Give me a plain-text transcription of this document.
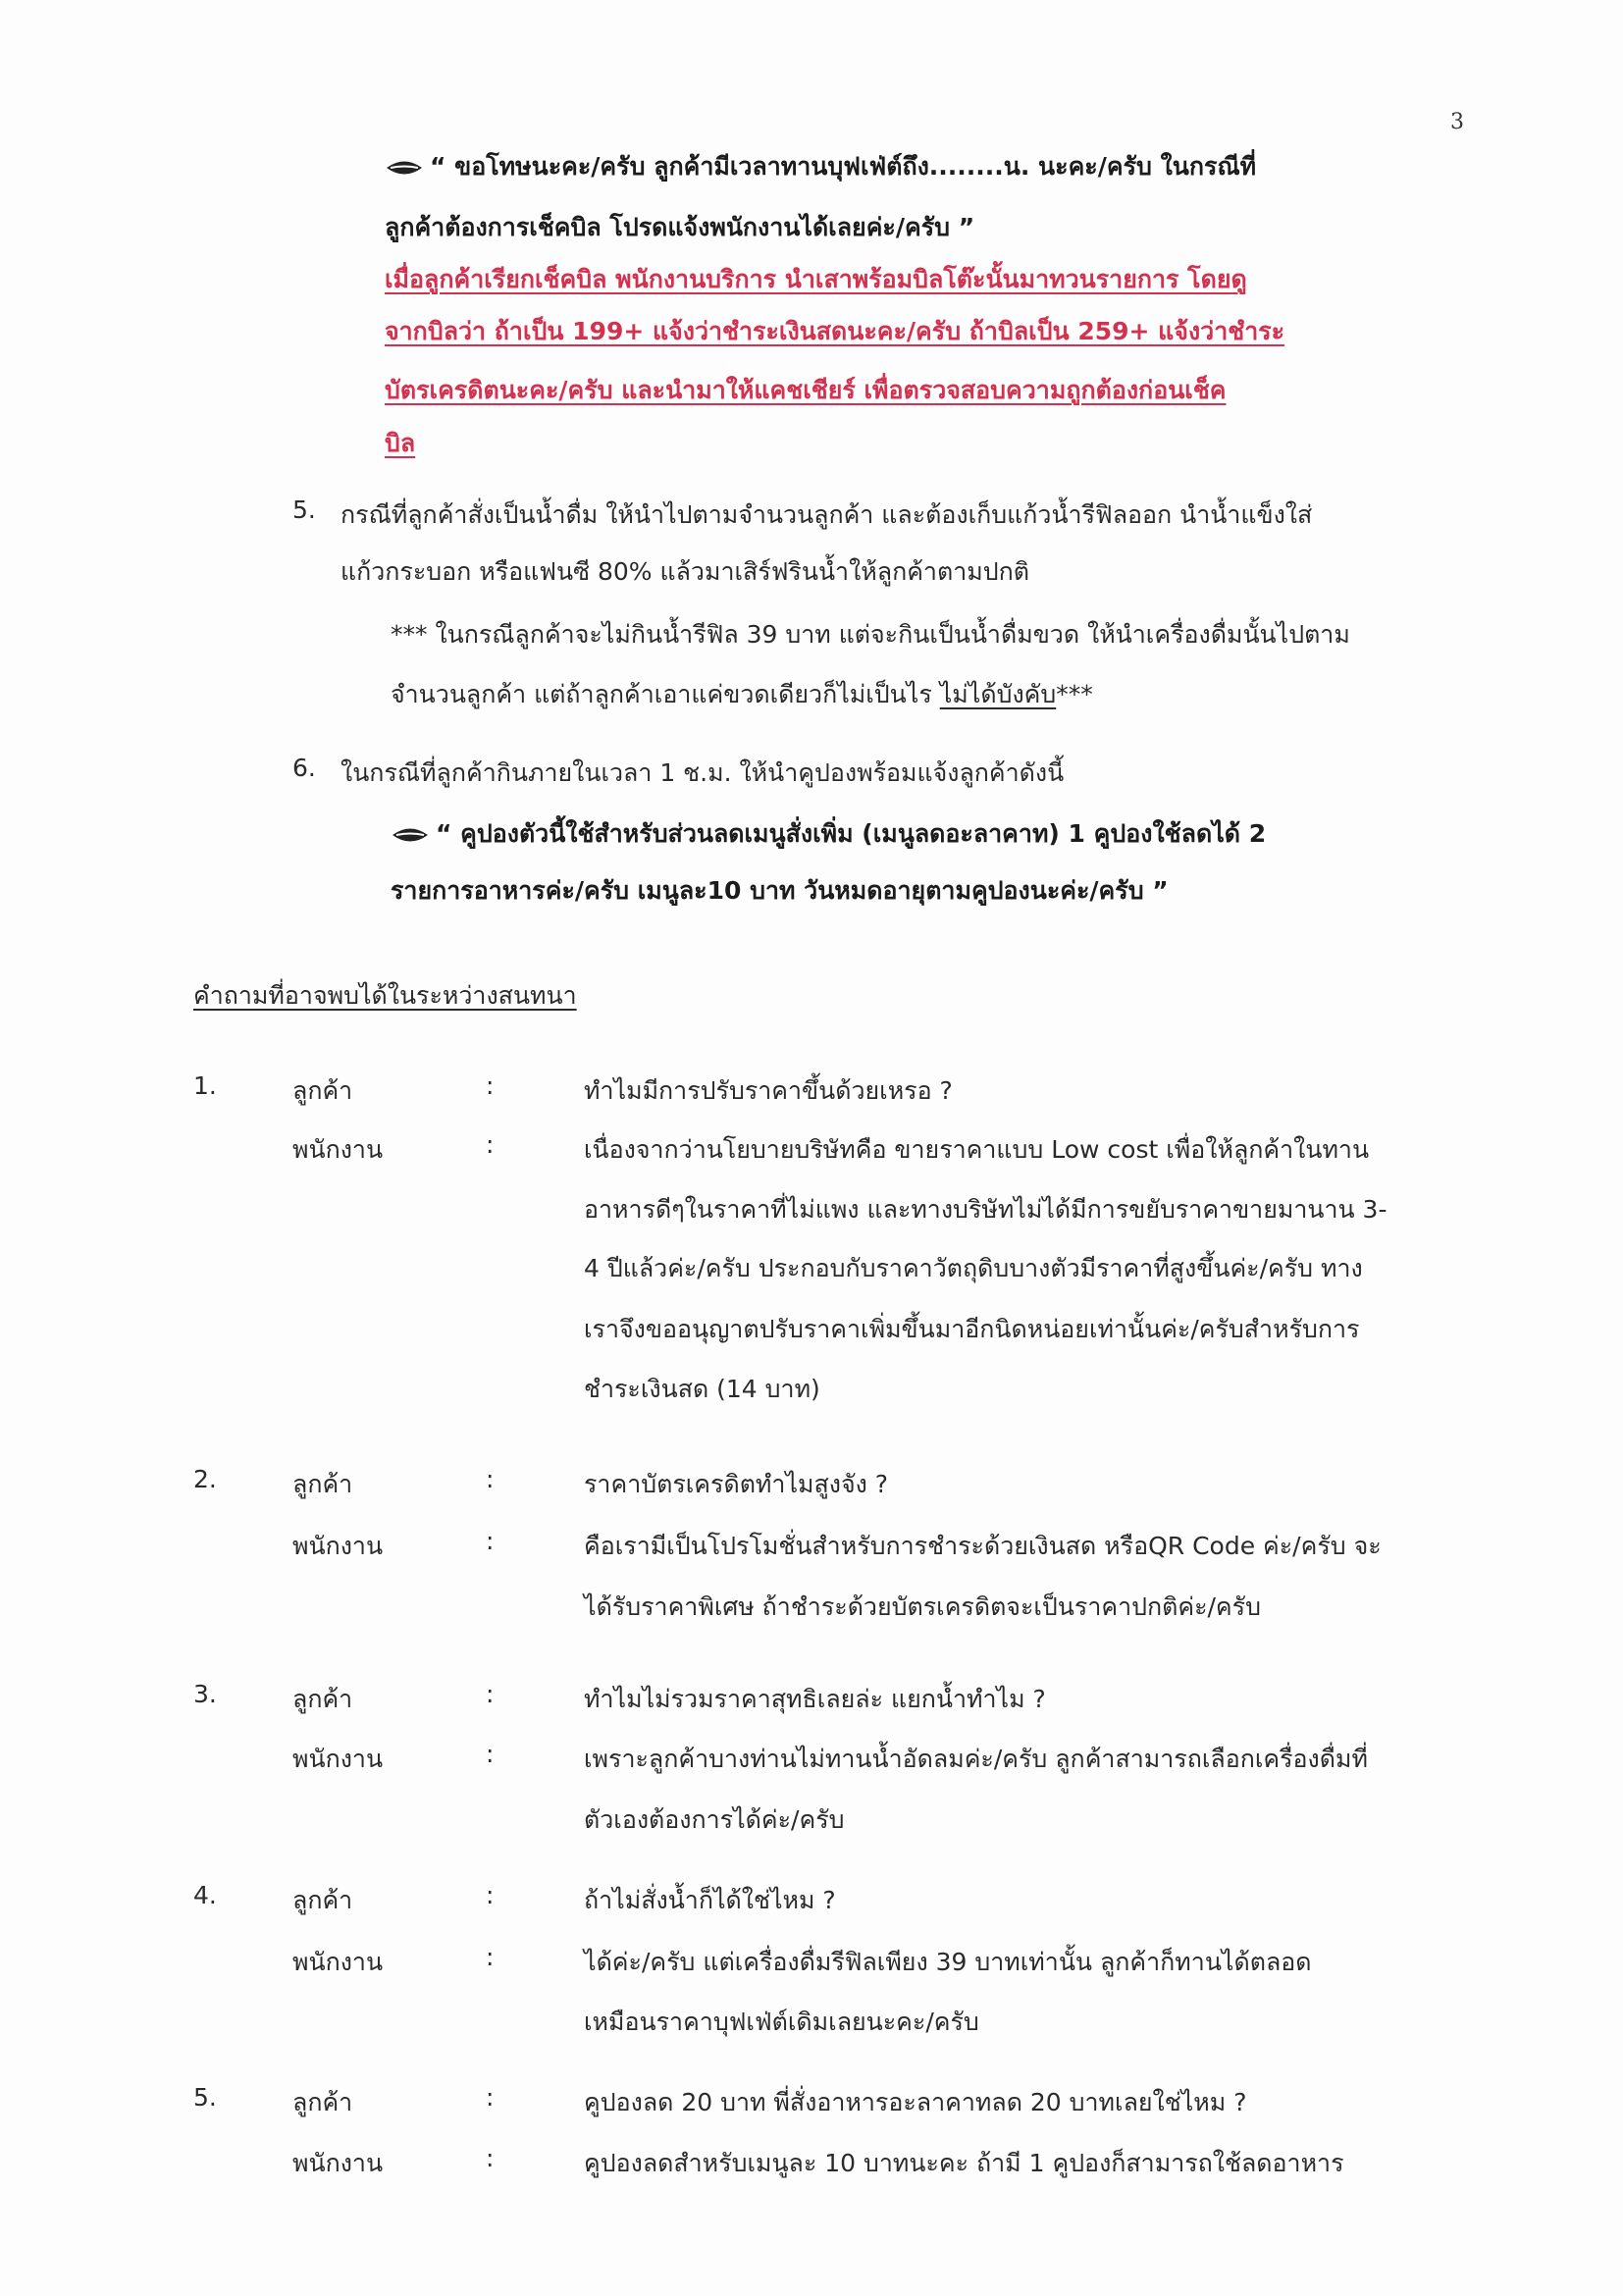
3
“ ขอโทษนะคะ/ครับ ลูกค้ามีเวลาทานบุฟเฟ่ต์ถึง........น. นะคะ/ครับ ในกรณีที่
ลูกค้าต้องการเช็คบิล โปรดแจ้งพนักงานได้เลยค่ะ/ครับ ”
เมื่อลูกค้าเรียกเช็คบิล พนักงานบริการ นำเสาพร้อมบิลโต๊ะนั้นมาทวนรายการ โดยดู
จากบิลว่า ถ้าเป็น 199+ แจ้งว่าชำระเงินสดนะคะ/ครับ ถ้าบิลเป็น 259+ แจ้งว่าชำระ
บัตรเครดิตนะคะ/ครับ และนำมาให้แคชเชียร์ เพื่อตรวจสอบความถูกต้องก่อนเช็ค
บิล
5. กรณีที่ลูกค้าสั่งเป็นน้ำดื่ม ให้นำไปตามจำนวนลูกค้า และต้องเก็บแก้วน้ำรีฟิลออก นำน้ำแข็งใส่
แก้วกระบอก หรือแฟนซี 80% แล้วมาเสิร์ฟรินน้ำให้ลูกค้าตามปกติ
*** ในกรณีลูกค้าจะไม่กินน้ำรีฟิล 39 บาท แต่จะกินเป็นน้ำดื่มขวด ให้นำเครื่องดื่มนั้นไปตาม
จำนวนลูกค้า แต่ถ้าลูกค้าเอาแค่ขวดเดียวก็ไม่เป็นไร ไม่ได้บังคับ***
6. ในกรณีที่ลูกค้ากินภายในเวลา 1 ช.ม. ให้นำคูปองพร้อมแจ้งลูกค้าดังนี้
“ คูปองตัวนี้ใช้สำหรับส่วนลดเมนูสั่งเพิ่ม (เมนูลดอะลาคาท) 1 คูปองใช้ลดได้ 2
รายการอาหารค่ะ/ครับ เมนูละ10 บาท วันหมดอายุตามคูปองนะค่ะ/ครับ ”
คำถามที่อาจพบได้ในระหว่างสนทนา
1.	ลูกค้า	:	ทำไมมีการปรับราคาขึ้นด้วยเหรอ ?
พนักงาน	:	เนื่องจากว่านโยบายบริษัทคือ ขายราคาแบบ Low cost เพื่อให้ลูกค้าในทาน
อาหารดีๆในราคาที่ไม่แพง และทางบริษัทไม่ได้มีการขยับราคาขายมานาน 3-
4 ปีแล้วค่ะ/ครับ ประกอบกับราคาวัตถุดิบบางตัวมีราคาที่สูงขึ้นค่ะ/ครับ ทาง
เราจึงขออนุญาตปรับราคาเพิ่มขึ้นมาอีกนิดหน่อยเท่านั้นค่ะ/ครับสำหรับการ
ชำระเงินสด (14 บาท)
2.	ลูกค้า	:	ราคาบัตรเครดิตทำไมสูงจัง ?
พนักงาน	:	คือเรามีเป็นโปรโมชั่นสำหรับการชำระด้วยเงินสด หรือQR Code ค่ะ/ครับ จะ
ได้รับราคาพิเศษ ถ้าชำระด้วยบัตรเครดิตจะเป็นราคาปกติค่ะ/ครับ
3.	ลูกค้า	:	ทำไมไม่รวมราคาสุทธิเลยล่ะ แยกน้ำทำไม ?
พนักงาน	:	เพราะลูกค้าบางท่านไม่ทานน้ำอัดลมค่ะ/ครับ ลูกค้าสามารถเลือกเครื่องดื่มที่
ตัวเองต้องการได้ค่ะ/ครับ
4.	ลูกค้า	:	ถ้าไม่สั่งน้ำก็ได้ใช่ไหม ?
พนักงาน	:	ได้ค่ะ/ครับ แต่เครื่องดื่มรีฟิลเพียง 39 บาทเท่านั้น ลูกค้าก็ทานได้ตลอด
เหมือนราคาบุฟเฟ่ต์เดิมเลยนะคะ/ครับ
5.	ลูกค้า	:	คูปองลด 20 บาท พี่สั่งอาหารอะลาคาทลด 20 บาทเลยใช่ไหม ?
พนักงาน	:	คูปองลดสำหรับเมนูละ 10 บาทนะคะ ถ้ามี 1 คูปองก็สามารถใช้ลดอาหาร
